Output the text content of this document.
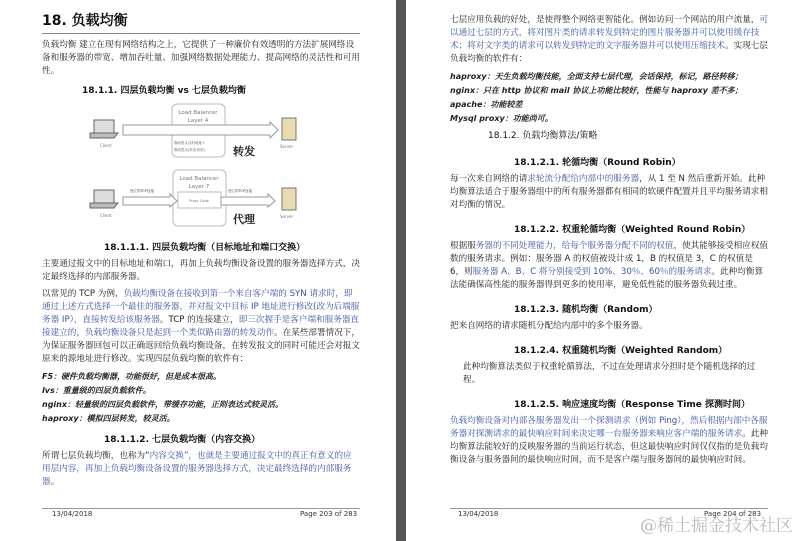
18. 负载均衡
负载均衡 建立在现有网络结构之上，它提供了一种廉价有效透明的方法扩展网络设备和服务器的带宽、增加吞吐量、加强网络数据处理能力、提高网络的灵活性和可用性。
18.1.1. 四层负载均衡 vs 七层负载均衡
Load Balancer
Layer 4
修改报头目的地址+
修改报头(转发请求)	转发
Load Balancer
Layer 7
Proxy Code
独立的TCP连接	独立的TCP连接
代理
Client
Client
Server
Server
18.1.1.1. 四层负载均衡（目标地址和端口交换）
主要通过报文中的目标地址和端口，再加上负载均衡设备设置的服务器选择方式，决定最终选择的内部服务器。
以常见的 TCP 为例，负载均衡设备在接收到第一个来自客户端的 SYN 请求时，即通过上述方式选择一个最佳的服务器，并对报文中目标 IP 地址进行修改(改为后端服务器 IP），直接转发给该服务器。TCP 的连接建立，即三次握手是客户端和服务器直接建立的，负载均衡设备只是起到一个类似路由器的转发动作。在某些部署情况下，为保证服务器回包可以正确返回给负载均衡设备，在转发报文的同时可能还会对报文原来的源地址进行修改。实现四层负载均衡的软件有：
F5：硬件负载均衡器，功能很好，但是成本很高。
lvs：重量级的四层负载软件。
nginx：轻量级的四层负载软件，带缓存功能，正则表达式较灵活。
haproxy：模拟四层转发，较灵活。
18.1.1.2. 七层负载均衡（内容交换）
所谓七层负载均衡，也称为“内容交换”，也就是主要通过报文中的真正有意义的应用层内容，再加上负载均衡设备设置的服务器选择方式，决定最终选择的内部服务器。
13/04/2018	Page 203 of 283
七层应用负载的好处，是使得整个网络更智能化。例如访问一个网站的用户流量，可以通过七层的方式，将对图片类的请求转发到特定的图片服务器并可以使用缓存技术；将对文字类的请求可以转发到特定的文字服务器并可以使用压缩技术。实现七层负载均衡的软件有：
haproxy：天生负载均衡技能，全面支持七层代理，会话保持，标记，路径转移；
nginx：只在 http 协议和 mail 协议上功能比较好，性能与 haproxy 差不多；
apache：功能较差
Mysql proxy：功能尚可。
18.1.2. 负载均衡算法/策略
18.1.2.1. 轮循均衡（Round Robin）
每一次来自网络的请求轮流分配给内部中的服务器，从 1 至 N 然后重新开始。此种均衡算法适合于服务器组中的所有服务器都有相同的软硬件配置并且平均服务请求相对均衡的情况。
18.1.2.2. 权重轮循均衡（Weighted Round Robin）
根据服务器的不同处理能力，给每个服务器分配不同的权值，使其能够接受相应权值数的服务请求。例如：服务器 A 的权值被设计成 1，B 的权值是 3，C 的权值是 6，则服务器 A、B、C 将分别接受到 10%、30％、60％的服务请求。此种均衡算法能确保高性能的服务器得到更多的使用率，避免低性能的服务器负载过重。
18.1.2.3. 随机均衡（Random）
把来自网络的请求随机分配给内部中的多个服务器。
18.1.2.4. 权重随机均衡（Weighted Random）
此种均衡算法类似于权重轮循算法，不过在处理请求分担时是个随机选择的过程。
18.1.2.5. 响应速度均衡（Response Time 探测时间）
负载均衡设备对内部各服务器发出一个探测请求（例如 Ping），然后根据内部中各服务器对探测请求的最快响应时间来决定哪一台服务器来响应客户端的服务请求。此种均衡算法能较好的反映服务器的当前运行状态，但这最快响应时间仅仅指的是负载均衡设备与服务器间的最快响应时间，而不是客户端与服务器间的最快响应时间。
13/04/2018	Page 204 of 283
@稀土掘金技术社区
